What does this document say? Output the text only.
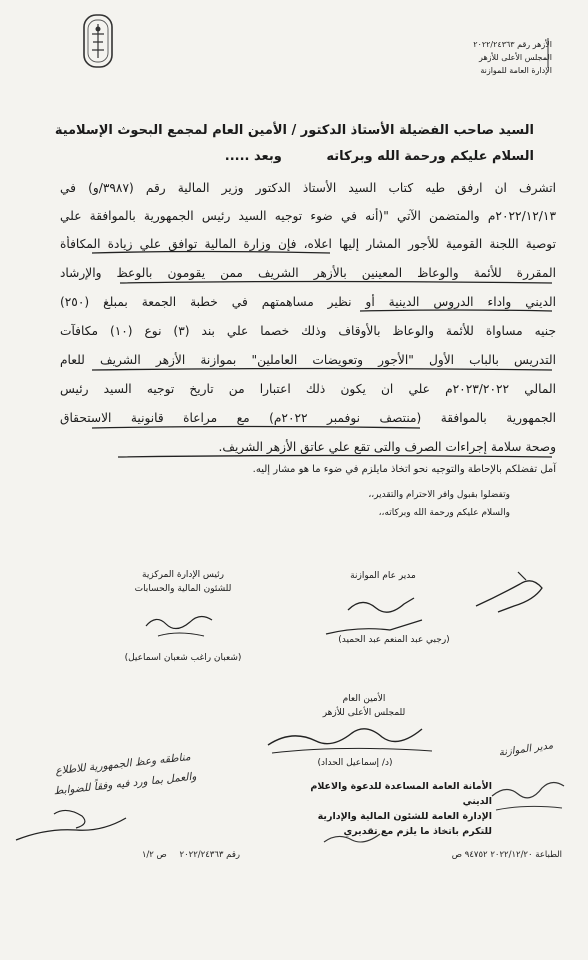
الأزهر رقم ٢٠٢٢/٢٤٣٦٣
المجلس الأعلى للأزهر
الإدارة العامة للموازنة
السيد صاحب الفضيلة الأستاذ الدكتور / الأمين العام لمجمع البحوث الإسلامية
السلام عليكم ورحمة الله وبركاته وبعد .....
اتشرف ان ارفق طيه كتاب السيد الأستاذ الدكتور وزير المالية رقم (٣٩٨٧/و) في
٢٠٢٢/١٢/١٣م والمتضمن الآتي "(أنه في ضوء توجيه السيد رئيس الجمهورية بالموافقة علي
توصية اللجنة القومية للأجور المشار إليها اعلاه، فإن وزارة المالية توافق علي زيادة المكافأة
المقررة للأئمة والوعاظ المعينين بالأزهر الشريف ممن يقومون بالوعظ والإرشاد
الديني واداء الدروس الدينية أو نظير مساهمتهم في خطبة الجمعة بمبلغ (٢٥٠)
جنيه مساواة للأئمة والوعاظ بالأوقاف وذلك خصما علي بند (٣) نوع (١٠) مكافآت
التدريس بالباب الأول "الأجور وتعويضات العاملين" بموازنة الأزهر الشريف للعام
المالي ٢٠٢٣/٢٠٢٢م علي ان يكون ذلك اعتبارا من تاريخ توجيه السيد رئيس
الجمهورية بالموافقة (منتصف نوفمبر ٢٠٢٢م) مع مراعاة قانونية الاستحقاق
وصحة سلامة إجراءات الصرف والتى تقع علي عاتق الأزهر الشريف.
آمل تفضلكم بالإحاطة والتوجيه نحو اتخاذ مايلزم في ضوء ما هو مشار إليه.
وتفضلوا بقبول وافر الاحترام والتقدير،،
والسلام عليكم ورحمة الله وبركاته،،
رئيس الإدارة المركزية
للشئون المالية والحسابات
(شعبان راغب شعبان اسماعيل)
مدير عام الموازنة
(رجبي عبد المنعم عبد الحميد)
الأمين العام
للمجلس الأعلى للأزهر
(د/ إسماعيل الحداد)
الأمانة العامة المساعدة للدعوة والاعلام الديني
الإدارة العامة للشئون المالية والإدارية
للتكرم باتخاذ ما يلزم مع تقديري
مناطقه وعظ الجمهورية للاطلاع
والعمل بما ورد فيه وفقاً للضوابط
مدير الموازنة
الطباعة ٢٠٢٢/١٢/٢٠ ٩٤٧٥٢ ص
رقم ٢٠٢٢/٢٤٣٦٣ ص ١/٢
